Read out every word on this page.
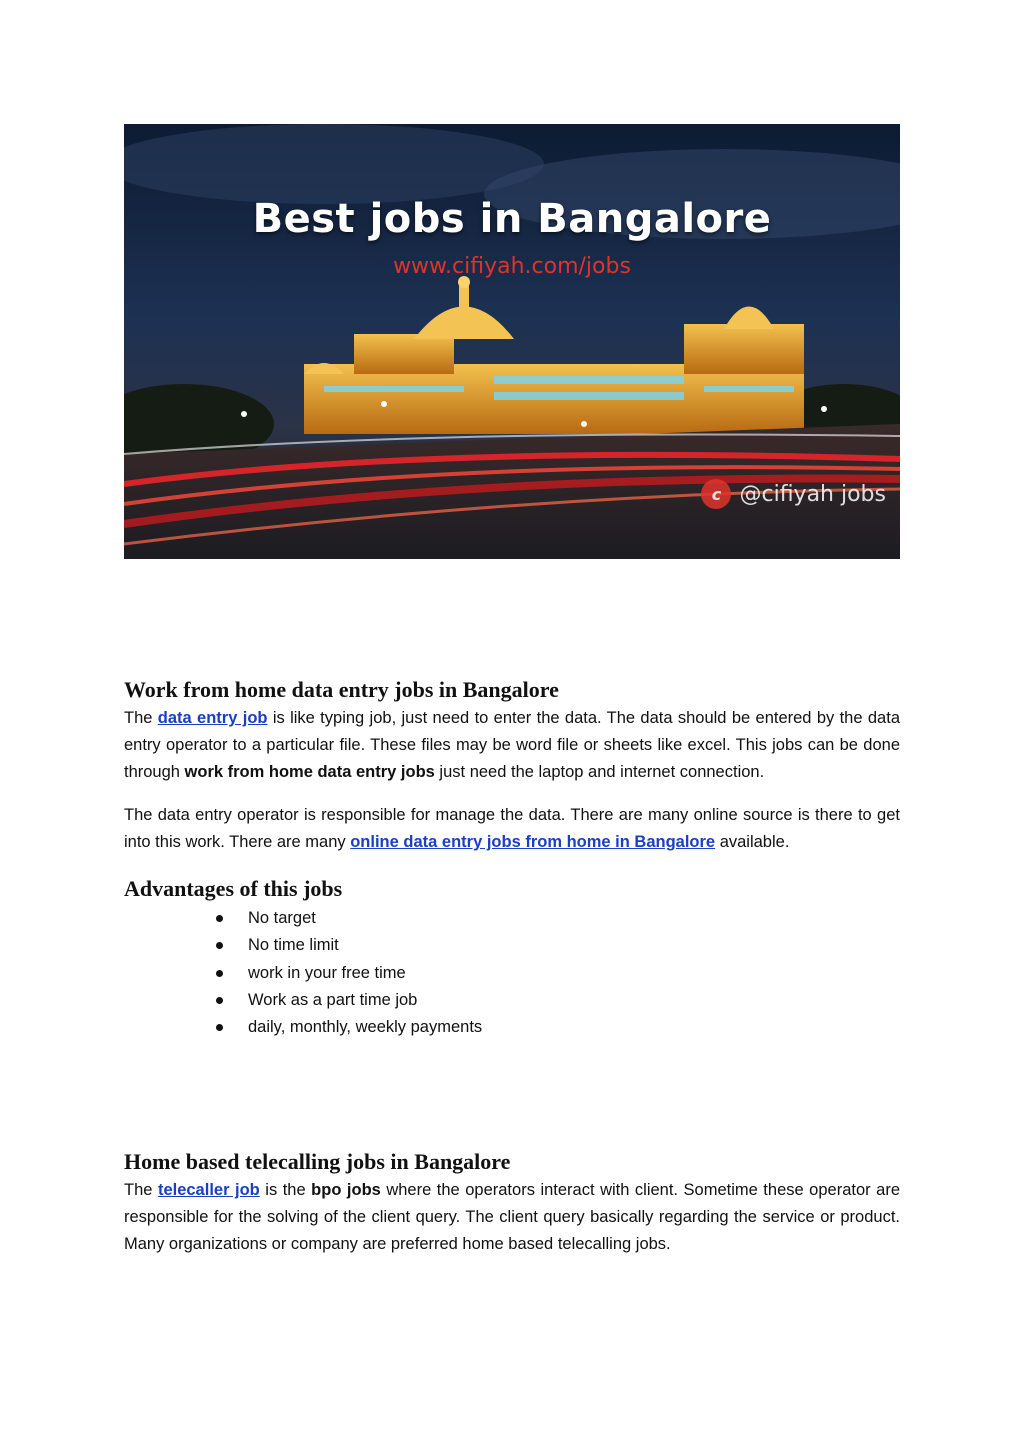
Best jobs in Bangalore
www.cifiyah.com/jobs
c @cifiyah jobs
Work from home data entry jobs in Bangalore

The data entry job is like typing job, just need to enter the data. The data should be entered by the data entry operator to a particular file. These files may be word file or sheets like excel. This jobs can be done through work from home data entry jobs just need the laptop and internet connection.

The data entry operator is responsible for manage the data. There are many online source is there to get into this work. There are many online data entry jobs from home in Bangalore available.

Advantages of this jobs
No target
No time limit
work in your free time
Work as a part time job
daily, monthly, weekly payments
Home based telecalling jobs in Bangalore

The telecaller job is the bpo jobs where the operators interact with client. Sometime these operator are responsible for the solving of the client query. The client query basically regarding the service or product. Many organizations or company are preferred home based telecalling jobs.
